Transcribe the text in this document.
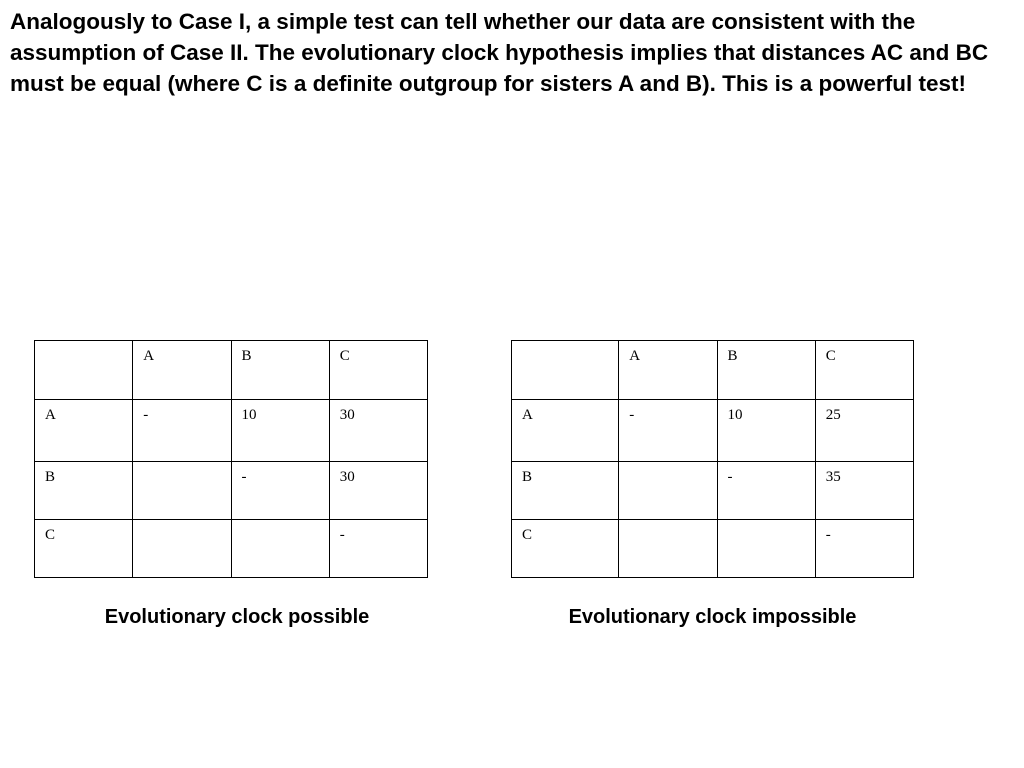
Analogously to Case I, a simple test can tell whether our data are consistent with the assumption of Case II. The evolutionary clock hypothesis implies that distances AC and BC must be equal (where C is a definite outgroup for sisters A and B). This is a powerful test!

	A	B	C
A	-	10	30
B		-	30
C			-
Evolutionary clock possible
	A	B	C
A	-	10	25
B		-	35
C			-
Evolutionary clock impossible
